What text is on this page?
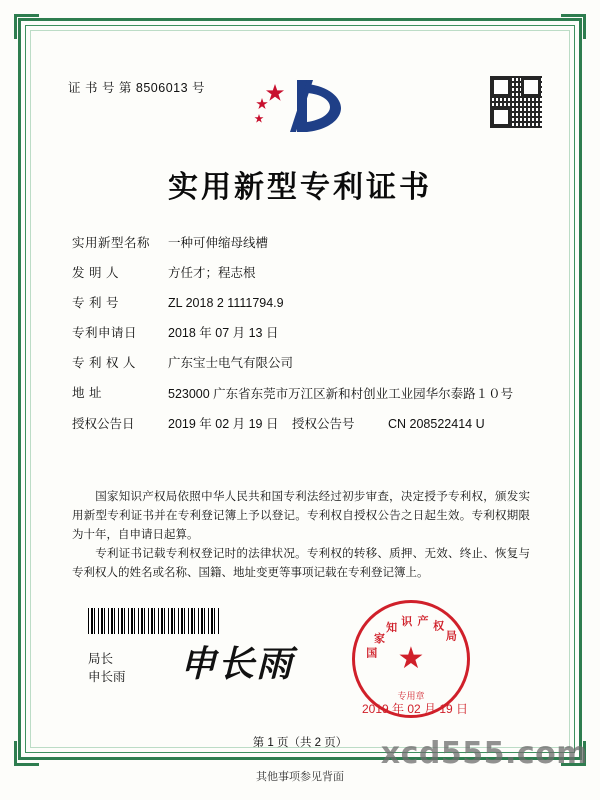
证 书 号 第 8506013 号
实用新型专利证书
实用新型名称	一种可伸缩母线槽
发 明 人	方任才；程志根
专 利 号	ZL 2018 2 1111794.9
专利申请日	2018 年 07 月 13 日
专 利 权 人	广东宝士电气有限公司
地 址	523000 广东省东莞市万江区新和村创业工业园华尔泰路１０号
授权公告日	2019 年 02 月 19 日	授权公告号	CN 208522414 U
国家知识产权局依照中华人民共和国专利法经过初步审查，决定授予专利权，颁发实用新型专利证书并在专利登记簿上予以登记。专利权自授权公告之日起生效。专利权期限为十年，自申请日起算。
专利证书记载专利权登记时的法律状况。专利权的转移、质押、无效、终止、恢复与专利权人的姓名或名称、国籍、地址变更等事项记载在专利登记簿上。
局长
申长雨 申长雨	国
家
知 识 产 权
局
★
专用章
2019 年 02 月 19 日
第 1 页（共 2 页）
其他事项参见背面
xcd555.com
